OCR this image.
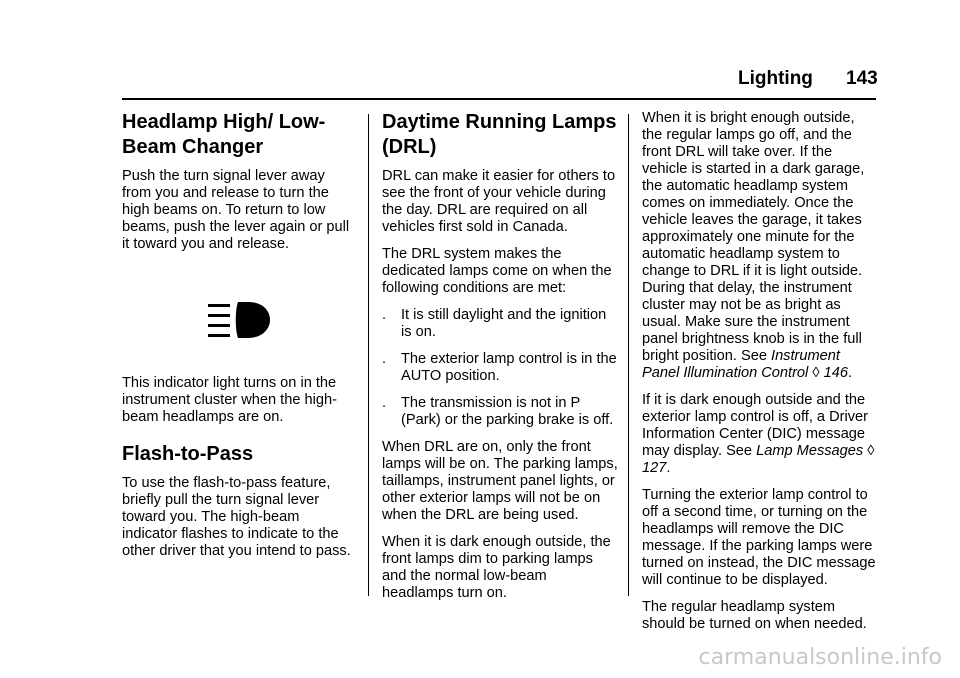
Lighting 143
Headlamp High/ Low-Beam Changer

Push the turn signal lever away from you and release to turn the high beams on. To return to low beams, push the lever again or pull it toward you and release.

This indicator light turns on in the instrument cluster when the high-beam headlamps are on.

Flash-to-Pass

To use the flash-to-pass feature, briefly pull the turn signal lever toward you. The high-beam indicator flashes to indicate to the other driver that you intend to pass.

Daytime Running Lamps (DRL)

DRL can make it easier for others to see the front of your vehicle during the day. DRL are required on all vehicles first sold in Canada.

The DRL system makes the dedicated lamps come on when the following conditions are met:

. It is still daylight and the ignition is on.
. The exterior lamp control is in the AUTO position.
. The transmission is not in P (Park) or the parking brake is off.

When DRL are on, only the front lamps will be on. The parking lamps, taillamps, instrument panel lights, or other exterior lamps will not be on when the DRL are being used.

When it is dark enough outside, the front lamps dim to parking lamps and the normal low-beam headlamps turn on.

When it is bright enough outside, the regular lamps go off, and the front DRL will take over. If the vehicle is started in a dark garage, the automatic headlamp system comes on immediately. Once the vehicle leaves the garage, it takes approximately one minute for the automatic headlamp system to change to DRL if it is light outside. During that delay, the instrument cluster may not be as bright as usual. Make sure the instrument panel brightness knob is in the full bright position. See Instrument Panel Illumination Control ◊ 146.

If it is dark enough outside and the exterior lamp control is off, a Driver Information Center (DIC) message may display. See Lamp Messages ◊ 127.

Turning the exterior lamp control to off a second time, or turning on the headlamps will remove the DIC message. If the parking lamps were turned on instead, the DIC message will continue to be displayed.

The regular headlamp system should be turned on when needed.

carmanualsonline.info
